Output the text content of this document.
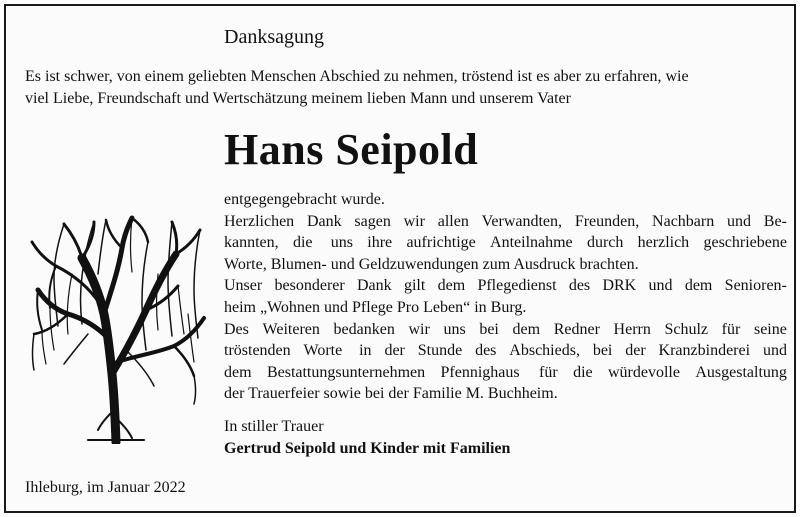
Danksagung
Es ist schwer, von einem geliebten Menschen Abschied zu nehmen, tröstend ist es aber zu erfahren, wie
viel Liebe, Freundschaft und Wertschätzung meinem lieben Mann und unserem Vater
Hans Seipold
entgegengebracht wurde.
Herzlichen Dank sagen wir allen Verwandten, Freunden, Nachbarn und Be-
kannten, die uns ihre aufrichtige Anteilnahme durch herzlich geschriebene
Worte, Blumen- und Geldzuwendungen zum Ausdruck brachten.
Unser besonderer Dank gilt dem Pflegedienst des DRK und dem Senioren-
heim „Wohnen und Pflege Pro Leben“ in Burg.
Des Weiteren bedanken wir uns bei dem Redner Herrn Schulz für seine
tröstenden Worte in der Stunde des Abschieds, bei der Kranzbinderei und
dem Bestattungsunternehmen Pfennighaus für die würdevolle Ausgestaltung
der Trauerfeier sowie bei der Familie M. Buchheim.
In stiller Trauer
Gertrud Seipold und Kinder mit Familien
Ihleburg, im Januar 2022
